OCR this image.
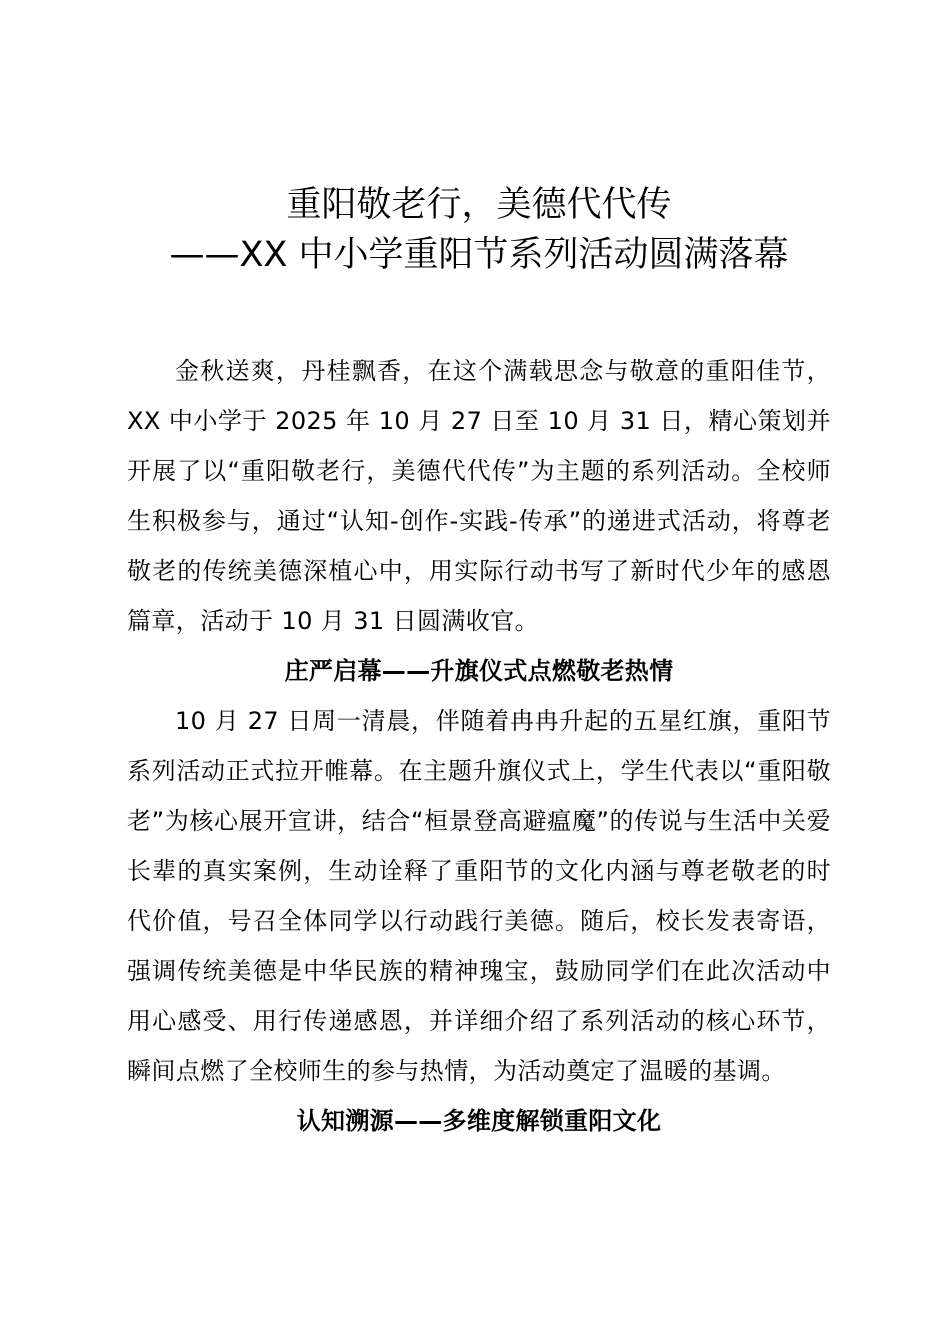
重阳敬老行，美德代代传
——XX 中小学重阳节系列活动圆满落幕

金秋送爽，丹桂飘香，在这个满载思念与敬意的重阳佳节，XX 中小学于 2025 年 10 月 27 日至 10 月 31 日，精心策划并开展了以“重阳敬老行，美德代代传”为主题的系列活动。全校师生积极参与，通过“认知-创作-实践-传承”的递进式活动，将尊老敬老的传统美德深植心中，用实际行动书写了新时代少年的感恩篇章，活动于 10 月 31 日圆满收官。

庄严启幕——升旗仪式点燃敬老热情

10 月 27 日周一清晨，伴随着冉冉升起的五星红旗，重阳节系列活动正式拉开帷幕。在主题升旗仪式上，学生代表以“重阳敬老”为核心展开宣讲，结合“桓景登高避瘟魔”的传说与生活中关爱长辈的真实案例，生动诠释了重阳节的文化内涵与尊老敬老的时代价值，号召全体同学以行动践行美德。随后，校长发表寄语，强调传统美德是中华民族的精神瑰宝，鼓励同学们在此次活动中用心感受、用行传递感恩，并详细介绍了系列活动的核心环节，瞬间点燃了全校师生的参与热情，为活动奠定了温暖的基调。

认知溯源——多维度解锁重阳文化
